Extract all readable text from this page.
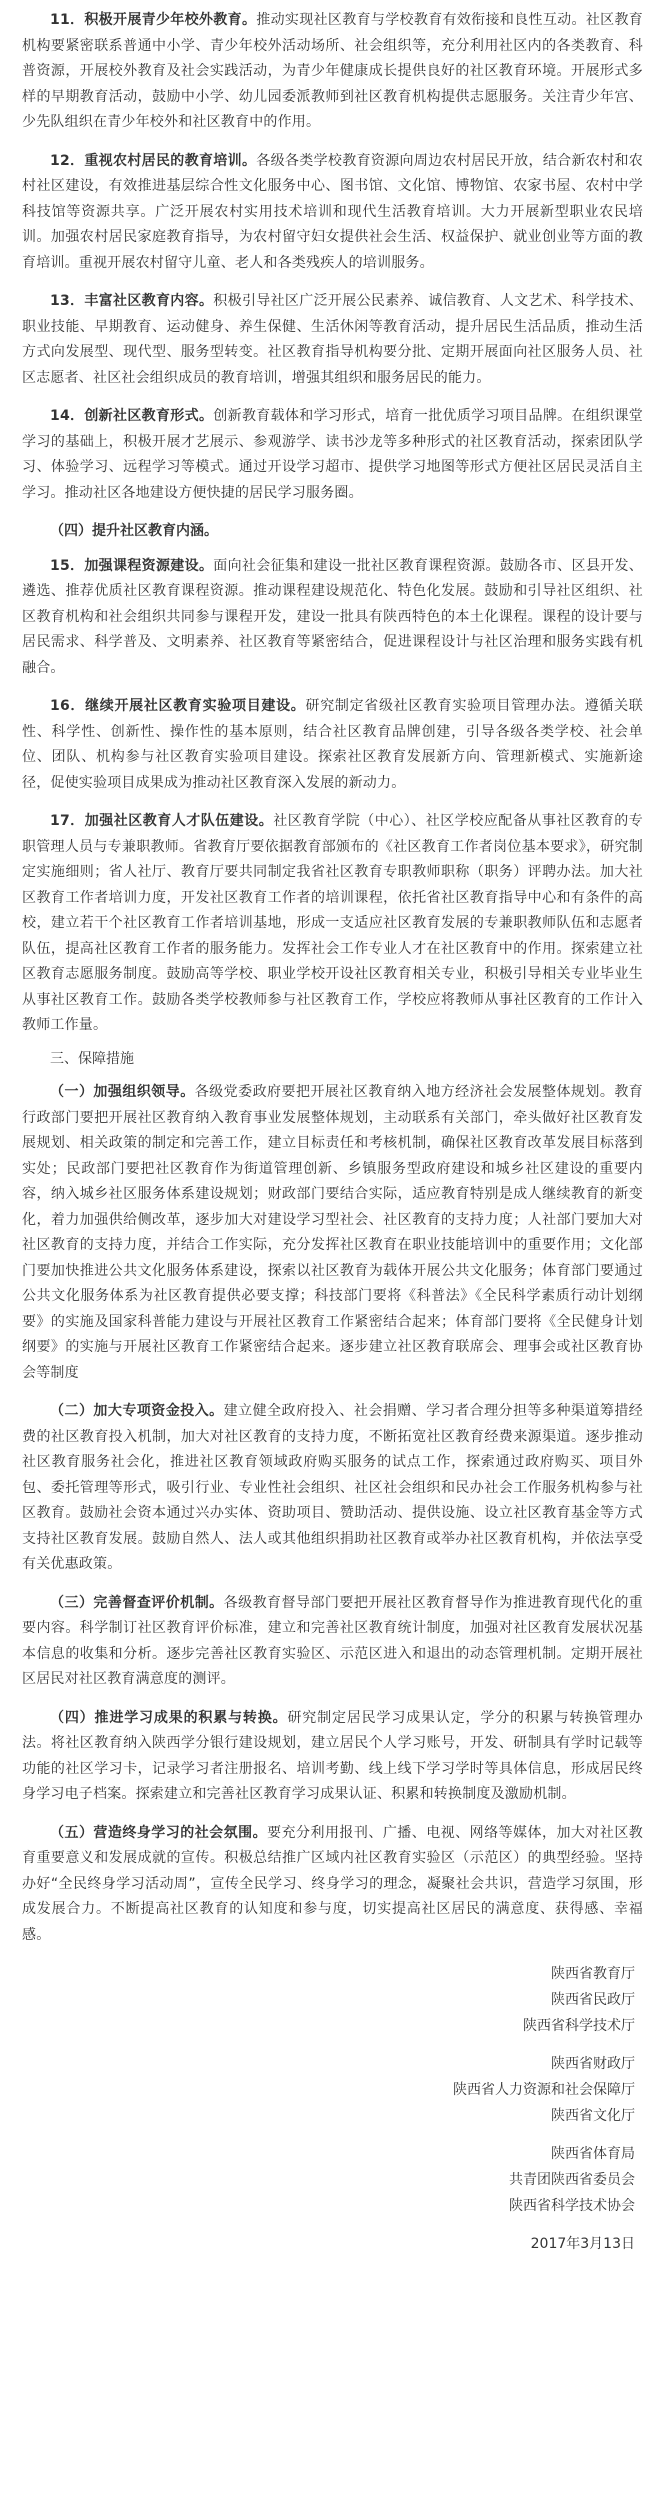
11．积极开展青少年校外教育。推动实现社区教育与学校教育有效衔接和良性互动。社区教育机构要紧密联系普通中小学、青少年校外活动场所、社会组织等，充分利用社区内的各类教育、科普资源，开展校外教育及社会实践活动，为青少年健康成长提供良好的社区教育环境。开展形式多样的早期教育活动，鼓励中小学、幼儿园委派教师到社区教育机构提供志愿服务。关注青少年宫、少先队组织在青少年校外和社区教育中的作用。

12．重视农村居民的教育培训。各级各类学校教育资源向周边农村居民开放，结合新农村和农村社区建设，有效推进基层综合性文化服务中心、图书馆、文化馆、博物馆、农家书屋、农村中学科技馆等资源共享。广泛开展农村实用技术培训和现代生活教育培训。大力开展新型职业农民培训。加强农村居民家庭教育指导，为农村留守妇女提供社会生活、权益保护、就业创业等方面的教育培训。重视开展农村留守儿童、老人和各类残疾人的培训服务。

13．丰富社区教育内容。积极引导社区广泛开展公民素养、诚信教育、人文艺术、科学技术、职业技能、早期教育、运动健身、养生保健、生活休闲等教育活动，提升居民生活品质，推动生活方式向发展型、现代型、服务型转变。社区教育指导机构要分批、定期开展面向社区服务人员、社区志愿者、社区社会组织成员的教育培训，增强其组织和服务居民的能力。

14．创新社区教育形式。创新教育载体和学习形式，培育一批优质学习项目品牌。在组织课堂学习的基础上，积极开展才艺展示、参观游学、读书沙龙等多种形式的社区教育活动，探索团队学习、体验学习、远程学习等模式。通过开设学习超市、提供学习地图等形式方便社区居民灵活自主学习。推动社区各地建设方便快捷的居民学习服务圈。

（四）提升社区教育内涵。

15．加强课程资源建设。面向社会征集和建设一批社区教育课程资源。鼓励各市、区县开发、遴选、推荐优质社区教育课程资源。推动课程建设规范化、特色化发展。鼓励和引导社区组织、社区教育机构和社会组织共同参与课程开发，建设一批具有陕西特色的本土化课程。课程的设计要与居民需求、科学普及、文明素养、社区教育等紧密结合，促进课程设计与社区治理和服务实践有机融合。

16．继续开展社区教育实验项目建设。研究制定省级社区教育实验项目管理办法。遵循关联性、科学性、创新性、操作性的基本原则，结合社区教育品牌创建，引导各级各类学校、社会单位、团队、机构参与社区教育实验项目建设。探索社区教育发展新方向、管理新模式、实施新途径，促使实验项目成果成为推动社区教育深入发展的新动力。

17．加强社区教育人才队伍建设。社区教育学院（中心）、社区学校应配备从事社区教育的专职管理人员与专兼职教师。省教育厅要依据教育部颁布的《社区教育工作者岗位基本要求》，研究制定实施细则；省人社厅、教育厅要共同制定我省社区教育专职教师职称（职务）评聘办法。加大社区教育工作者培训力度，开发社区教育工作者的培训课程，依托省社区教育指导中心和有条件的高校，建立若干个社区教育工作者培训基地，形成一支适应社区教育发展的专兼职教师队伍和志愿者队伍，提高社区教育工作者的服务能力。发挥社会工作专业人才在社区教育中的作用。探索建立社区教育志愿服务制度。鼓励高等学校、职业学校开设社区教育相关专业，积极引导相关专业毕业生从事社区教育工作。鼓励各类学校教师参与社区教育工作，学校应将教师从事社区教育的工作计入教师工作量。

三、保障措施

（一）加强组织领导。各级党委政府要把开展社区教育纳入地方经济社会发展整体规划。教育行政部门要把开展社区教育纳入教育事业发展整体规划，主动联系有关部门，牵头做好社区教育发展规划、相关政策的制定和完善工作，建立目标责任和考核机制，确保社区教育改革发展目标落到实处；民政部门要把社区教育作为街道管理创新、乡镇服务型政府建设和城乡社区建设的重要内容，纳入城乡社区服务体系建设规划；财政部门要结合实际，适应教育特别是成人继续教育的新变化，着力加强供给侧改革，逐步加大对建设学习型社会、社区教育的支持力度；人社部门要加大对社区教育的支持力度，并结合工作实际，充分发挥社区教育在职业技能培训中的重要作用；文化部门要加快推进公共文化服务体系建设，探索以社区教育为载体开展公共文化服务；体育部门要通过公共文化服务体系为社区教育提供必要支撑；科技部门要将《科普法》《全民科学素质行动计划纲要》的实施及国家科普能力建设与开展社区教育工作紧密结合起来；体育部门要将《全民健身计划纲要》的实施与开展社区教育工作紧密结合起来。逐步建立社区教育联席会、理事会或社区教育协会等制度

（二）加大专项资金投入。建立健全政府投入、社会捐赠、学习者合理分担等多种渠道筹措经费的社区教育投入机制，加大对社区教育的支持力度，不断拓宽社区教育经费来源渠道。逐步推动社区教育服务社会化，推进社区教育领域政府购买服务的试点工作，探索通过政府购买、项目外包、委托管理等形式，吸引行业、专业性社会组织、社区社会组织和民办社会工作服务机构参与社区教育。鼓励社会资本通过兴办实体、资助项目、赞助活动、提供设施、设立社区教育基金等方式支持社区教育发展。鼓励自然人、法人或其他组织捐助社区教育或举办社区教育机构，并依法享受有关优惠政策。

（三）完善督查评价机制。各级教育督导部门要把开展社区教育督导作为推进教育现代化的重要内容。科学制订社区教育评价标准，建立和完善社区教育统计制度，加强对社区教育发展状况基本信息的收集和分析。逐步完善社区教育实验区、示范区进入和退出的动态管理机制。定期开展社区居民对社区教育满意度的测评。

（四）推进学习成果的积累与转换。研究制定居民学习成果认定，学分的积累与转换管理办法。将社区教育纳入陕西学分银行建设规划，建立居民个人学习账号，开发、研制具有学时记载等功能的社区学习卡，记录学习者注册报名、培训考勤、线上线下学习学时等具体信息，形成居民终身学习电子档案。探索建立和完善社区教育学习成果认证、积累和转换制度及激励机制。

（五）营造终身学习的社会氛围。要充分利用报刊、广播、电视、网络等媒体，加大对社区教育重要意义和发展成就的宣传。积极总结推广区域内社区教育实验区（示范区）的典型经验。坚持办好“全民终身学习活动周”，宣传全民学习、终身学习的理念，凝聚社会共识，营造学习氛围，形成发展合力。不断提高社区教育的认知度和参与度，切实提高社区居民的满意度、获得感、幸福感。

陕西省教育厅
陕西省民政厅
陕西省科学技术厅
陕西省财政厅
陕西省人力资源和社会保障厅
陕西省文化厅
陕西省体育局
共青团陕西省委员会
陕西省科学技术协会
2017年3月13日
